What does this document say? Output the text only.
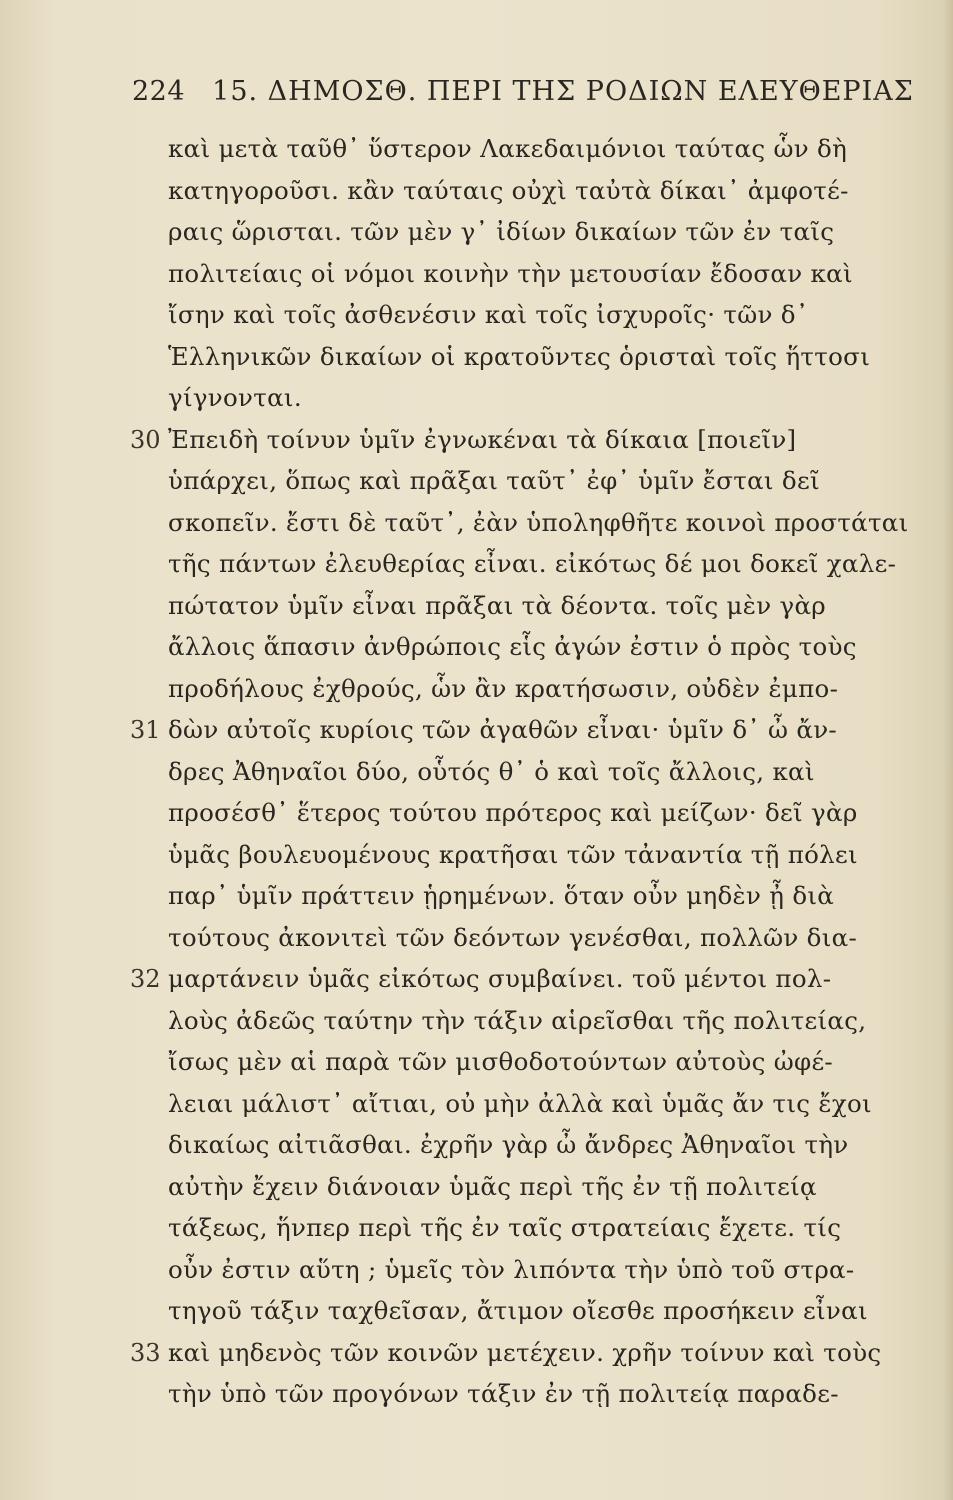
224 15. ΔΗΜΟΣΘ. ΠΕΡΙ ΤΗΣ ΡΟΔΙΩΝ ΕΛΕΥΘΕΡΙΑΣ
καὶ μετὰ ταῦθ᾽ ὕστερον Λακεδαιμόνιοι ταύτας ὧν δὴ
κατηγοροῦσι. κἂν ταύταις οὐχὶ ταὐτὰ δίκαι᾽ ἀμφοτέ-
ραις ὥρισται. τῶν μὲν γ᾽ ἰδίων δικαίων τῶν ἐν ταῖς
πολιτείαις οἱ νόμοι κοινὴν τὴν μετουσίαν ἔδοσαν καὶ
ἴσην καὶ τοῖς ἀσθενέσιν καὶ τοῖς ἰσχυροῖς· τῶν δ᾽
Ἑλληνικῶν δικαίων οἱ κρατοῦντες ὁρισταὶ τοῖς ἥττοσι
γίγνονται.
30 Ἐπειδὴ τοίνυν ὑμῖν ἐγνωκέναι τὰ δίκαια [ποιεῖν]
ὑπάρχει, ὅπως καὶ πρᾶξαι ταῦτ᾽ ἐφ᾽ ὑμῖν ἔσται δεῖ
σκοπεῖν. ἔστι δὲ ταῦτ᾽, ἐὰν ὑποληφθῆτε κοινοὶ προστάται
τῆς πάντων ἐλευθερίας εἶναι. εἰκότως δέ μοι δοκεῖ χαλε-
πώτατον ὑμῖν εἶναι πρᾶξαι τὰ δέοντα. τοῖς μὲν γὰρ
ἄλλοις ἅπασιν ἀνθρώποις εἷς ἀγών ἐστιν ὁ πρὸς τοὺς
προδήλους ἐχθρούς, ὧν ἂν κρατήσωσιν, οὐδὲν ἐμπο-
31 δὼν αὐτοῖς κυρίοις τῶν ἀγαθῶν εἶναι· ὑμῖν δ᾽ ὦ ἄν-
δρες Ἀθηναῖοι δύο, οὗτός θ᾽ ὁ καὶ τοῖς ἄλλοις, καὶ
προσέσθ᾽ ἕτερος τούτου πρότερος καὶ μείζων· δεῖ γὰρ
ὑμᾶς βουλευομένους κρατῆσαι τῶν τἀναντία τῇ πόλει
παρ᾽ ὑμῖν πράττειν ᾑρημένων. ὅταν οὖν μηδὲν ᾖ διὰ
τούτους ἀκονιτεὶ τῶν δεόντων γενέσθαι, πολλῶν δια-
32 μαρτάνειν ὑμᾶς εἰκότως συμβαίνει. τοῦ μέντοι πολ-
λοὺς ἀδεῶς ταύτην τὴν τάξιν αἱρεῖσθαι τῆς πολιτείας,
ἴσως μὲν αἱ παρὰ τῶν μισθοδοτούντων αὐτοὺς ὠφέ-
λειαι μάλιστ᾽ αἴτιαι, οὐ μὴν ἀλλὰ καὶ ὑμᾶς ἄν τις ἔχοι
δικαίως αἰτιᾶσθαι. ἐχρῆν γὰρ ὦ ἄνδρες Ἀθηναῖοι τὴν
αὐτὴν ἔχειν διάνοιαν ὑμᾶς περὶ τῆς ἐν τῇ πολιτείᾳ
τάξεως, ἥνπερ περὶ τῆς ἐν ταῖς στρατείαις ἔχετε. τίς
οὖν ἐστιν αὕτη ; ὑμεῖς τὸν λιπόντα τὴν ὑπὸ τοῦ στρα-
τηγοῦ τάξιν ταχθεῖσαν, ἄτιμον οἴεσθε προσήκειν εἶναι
33 καὶ μηδενὸς τῶν κοινῶν μετέχειν. χρῆν τοίνυν καὶ τοὺς
τὴν ὑπὸ τῶν προγόνων τάξιν ἐν τῇ πολιτείᾳ παραδε-
